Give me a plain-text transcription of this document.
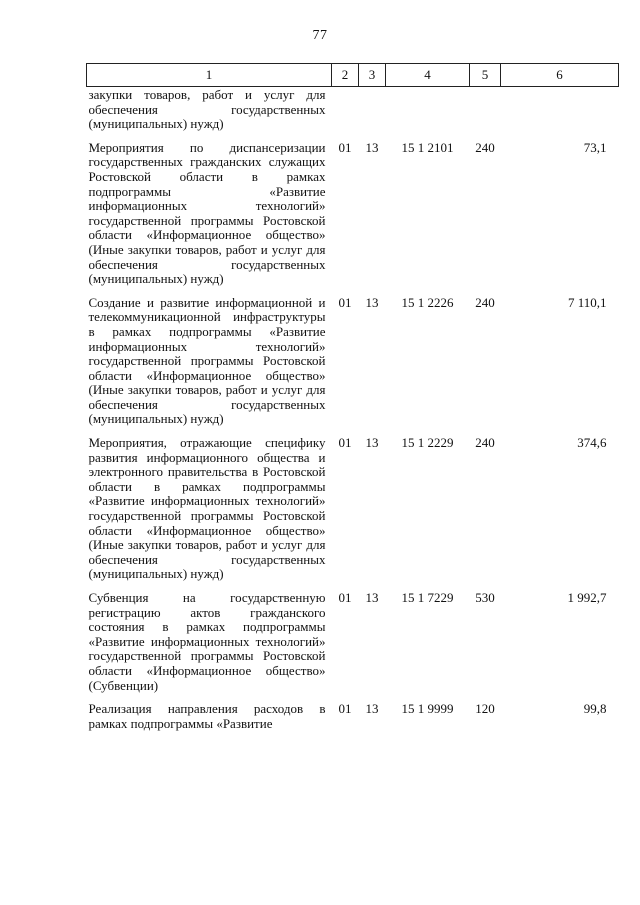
77
1	2	3	4	5	6
закупки товаров, работ и услуг для обеспечения государственных (муниципальных) нужд)					
Мероприятия по диспансеризации государственных гражданских служащих Ростовской области в рамках подпрограммы «Развитие информационных технологий» государственной программы Ростовской области «Информационное общество» (Иные закупки товаров, работ и услуг для обеспечения государственных (муниципальных) нужд)	01	13	15 1 2101	240	73,1
Создание и развитие информационной и телекоммуникационной инфраструктуры в рамках подпрограммы «Развитие информационных технологий» государственной программы Ростовской области «Информационное общество» (Иные закупки товаров, работ и услуг для обеспечения государственных (муниципальных) нужд)	01	13	15 1 2226	240	7 110,1
Мероприятия, отражающие специфику развития информационного общества и электронного правительства в Ростовской области в рамках подпрограммы «Развитие информационных технологий» государственной программы Ростовской области «Информационное общество» (Иные закупки товаров, работ и услуг для обеспечения государственных (муниципальных) нужд)	01	13	15 1 2229	240	374,6
Субвенция на государственную регистрацию актов гражданского состояния в рамках подпрограммы «Развитие информационных технологий» государственной программы Ростовской области «Информационное общество» (Субвенции)	01	13	15 1 7229	530	1 992,7
Реализация направления расходов в рамках подпрограммы «Развитие	01	13	15 1 9999	120	99,8
